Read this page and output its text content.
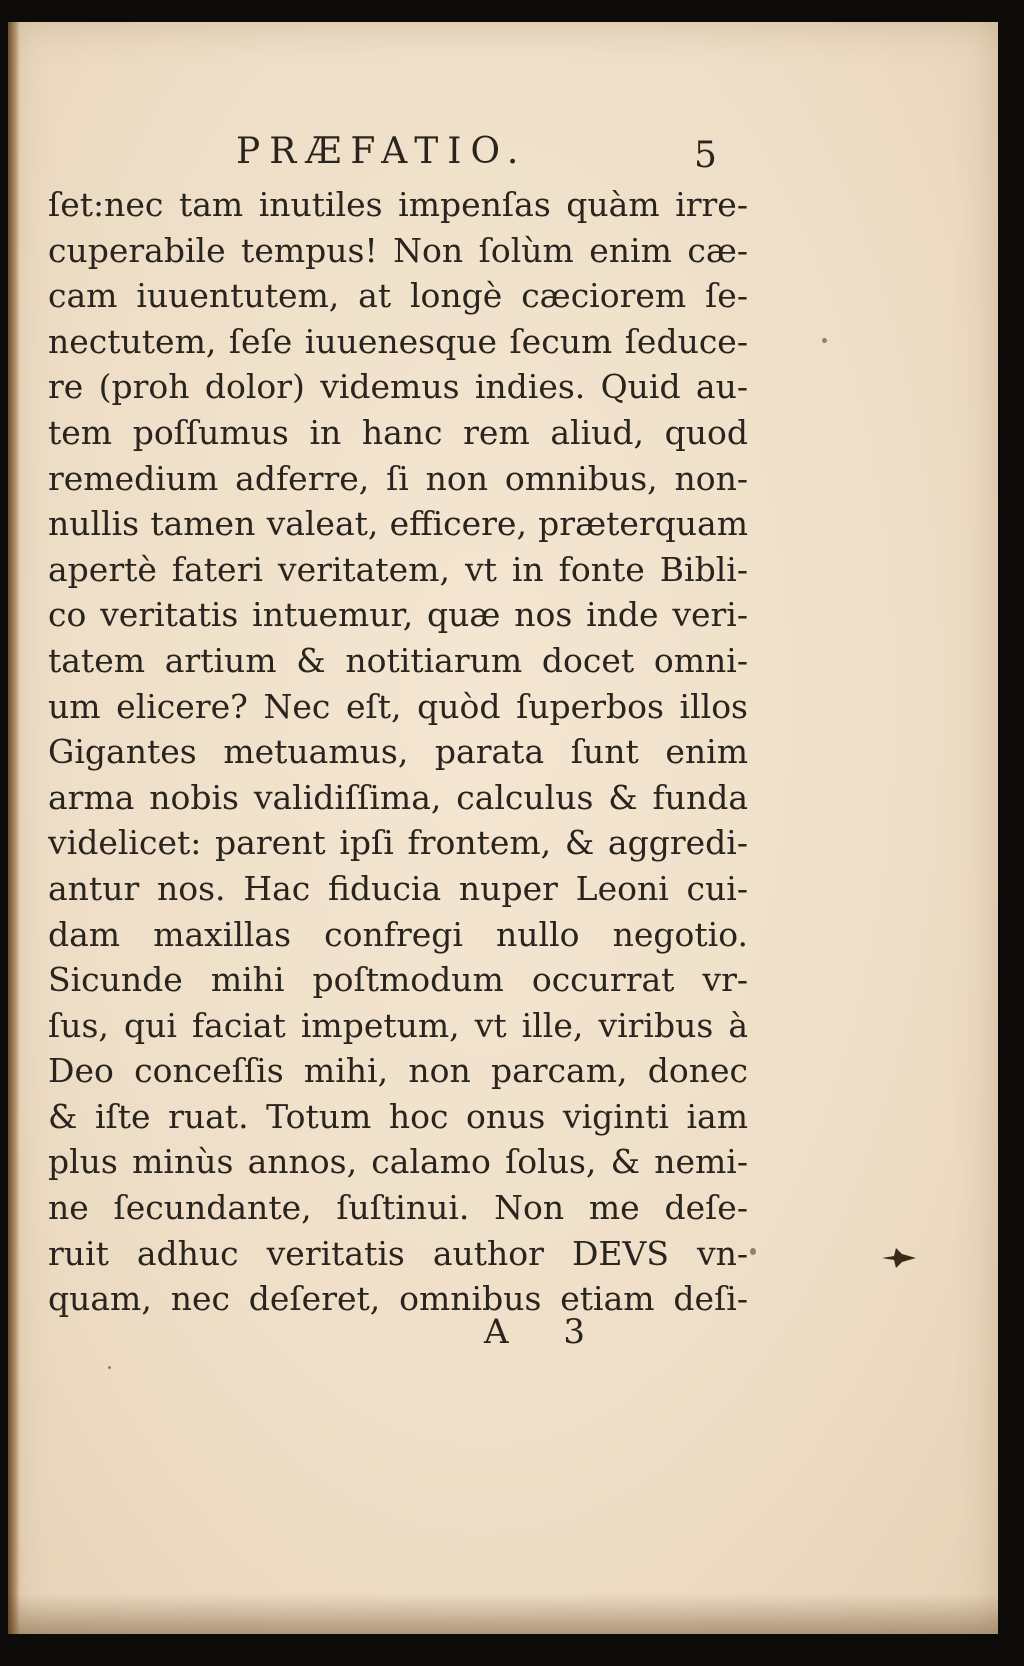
PRÆFATIO.	5
ſet:nec tam inutiles impenſas quàm irre-
cuperabile tempus! Non ſolùm enim cæ-
cam iuuentutem, at longè cæciorem ſe-
nectutem, ſeſe iuuenesque ſecum ſeduce-
re (proh dolor) videmus indies. Quid au-
tem poſſumus in hanc rem aliud, quod
remedium adferre, ſi non omnibus, non-
nullis tamen valeat, efficere, præterquam
apertè fateri veritatem, vt in fonte Bibli-
co veritatis intuemur, quæ nos inde veri-
tatem artium & notitiarum docet omni-
um elicere? Nec eſt, quòd ſuperbos illos
Gigantes metuamus, parata ſunt enim
arma nobis validiſſima, calculus & funda
videlicet: parent ipſi frontem, & aggredi-
antur nos. Hac fiducia nuper Leoni cui-
dam maxillas confregi nullo negotio.
Sicunde mihi poſtmodum occurrat vr-
ſus, qui faciat impetum, vt ille, viribus à
Deo conceſſis mihi, non parcam, donec
& iſte ruat. Totum hoc onus viginti iam
plus minùs annos, calamo ſolus, & nemi-
ne ſecundante, ſuſtinui. Non me deſe-
ruit adhuc veritatis author DEVS vn-
quam, nec deſeret, omnibus etiam deſi-
A 3
